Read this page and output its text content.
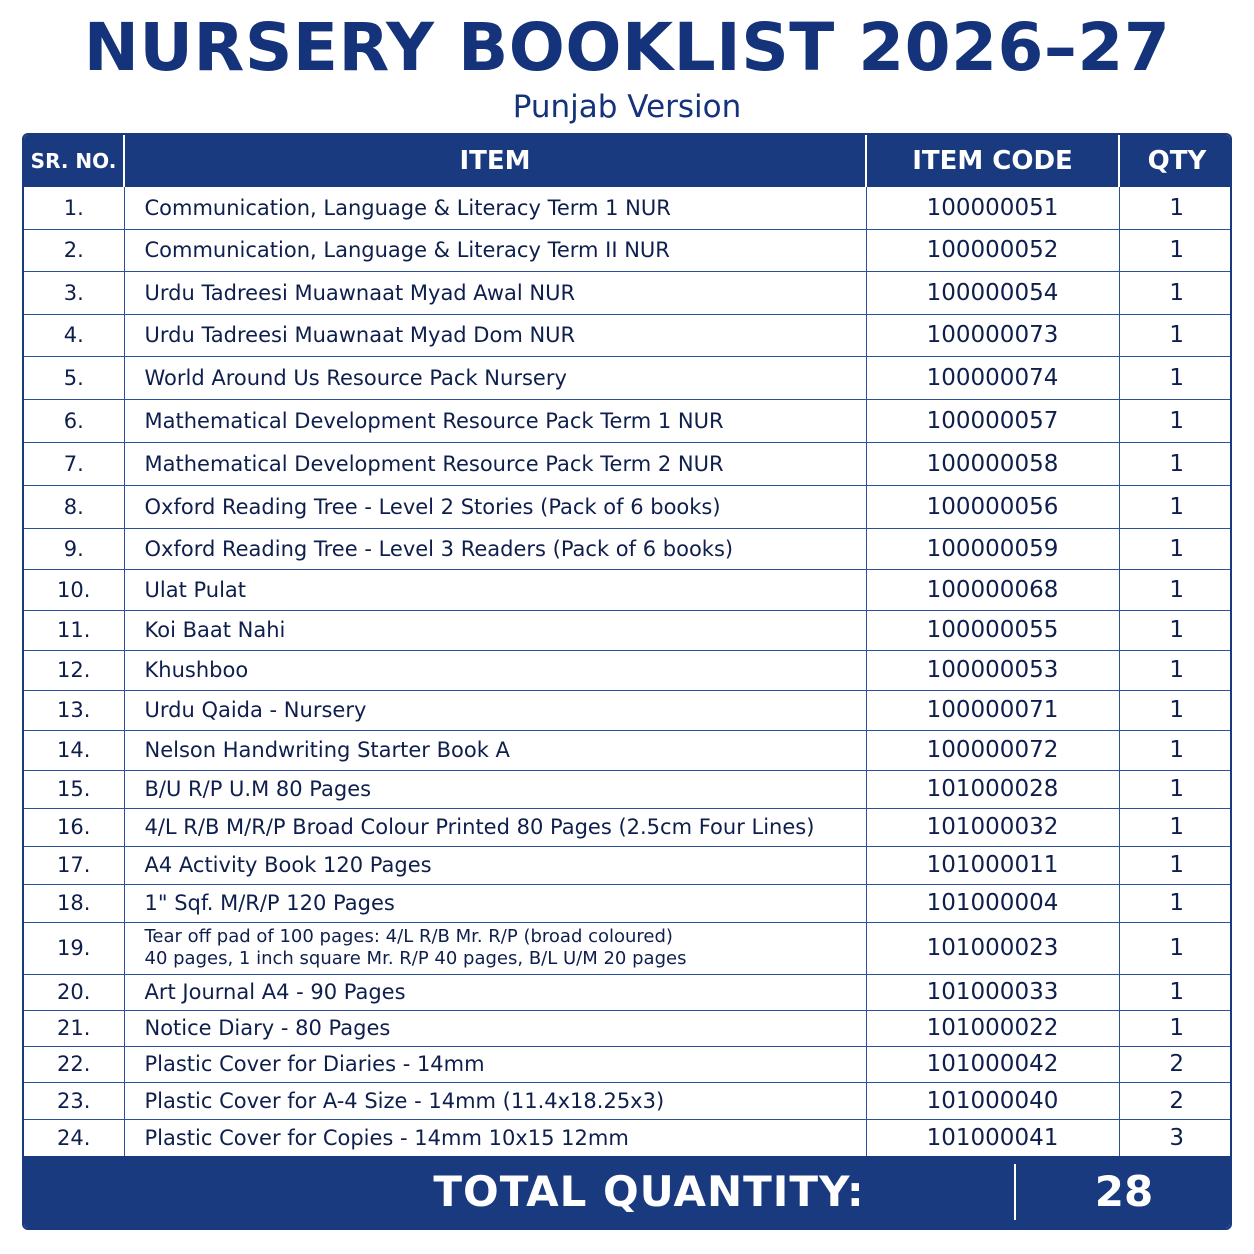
NURSERY BOOKLIST 2026–27
Punjab Version
SR. NO.	ITEM	ITEM CODE	QTY
1.	Communication, Language & Literacy Term 1 NUR	100000051	1
2.	Communication, Language & Literacy Term II NUR	100000052	1
3.	Urdu Tadreesi Muawnaat Myad Awal NUR	100000054	1
4.	Urdu Tadreesi Muawnaat Myad Dom NUR	100000073	1
5.	World Around Us Resource Pack Nursery	100000074	1
6.	Mathematical Development Resource Pack Term 1 NUR	100000057	1
7.	Mathematical Development Resource Pack Term 2 NUR	100000058	1
8.	Oxford Reading Tree - Level 2 Stories (Pack of 6 books)	100000056	1
9.	Oxford Reading Tree - Level 3 Readers (Pack of 6 books)	100000059	1
10.	Ulat Pulat	100000068	1
11.	Koi Baat Nahi	100000055	1
12.	Khushboo	100000053	1
13.	Urdu Qaida - Nursery	100000071	1
14.	Nelson Handwriting Starter Book A	100000072	1
15.	B/U R/P U.M 80 Pages	101000028	1
16.	4/L R/B M/R/P Broad Colour Printed 80 Pages (2.5cm Four Lines)	101000032	1
17.	A4 Activity Book 120 Pages	101000011	1
18.	1" Sqf. M/R/P 120 Pages	101000004	1
19.	Tear off pad of 100 pages: 4/L R/B Mr. R/P (broad coloured)
40 pages, 1 inch square Mr. R/P 40 pages, B/L U/M 20 pages	101000023	1
20.	Art Journal A4 - 90 Pages	101000033	1
21.	Notice Diary - 80 Pages	101000022	1
22.	Plastic Cover for Diaries - 14mm	101000042	2
23.	Plastic Cover for A-4 Size - 14mm (11.4x18.25x3)	101000040	2
24.	Plastic Cover for Copies - 14mm 10x15 12mm	101000041	3
TOTAL QUANTITY:	28
